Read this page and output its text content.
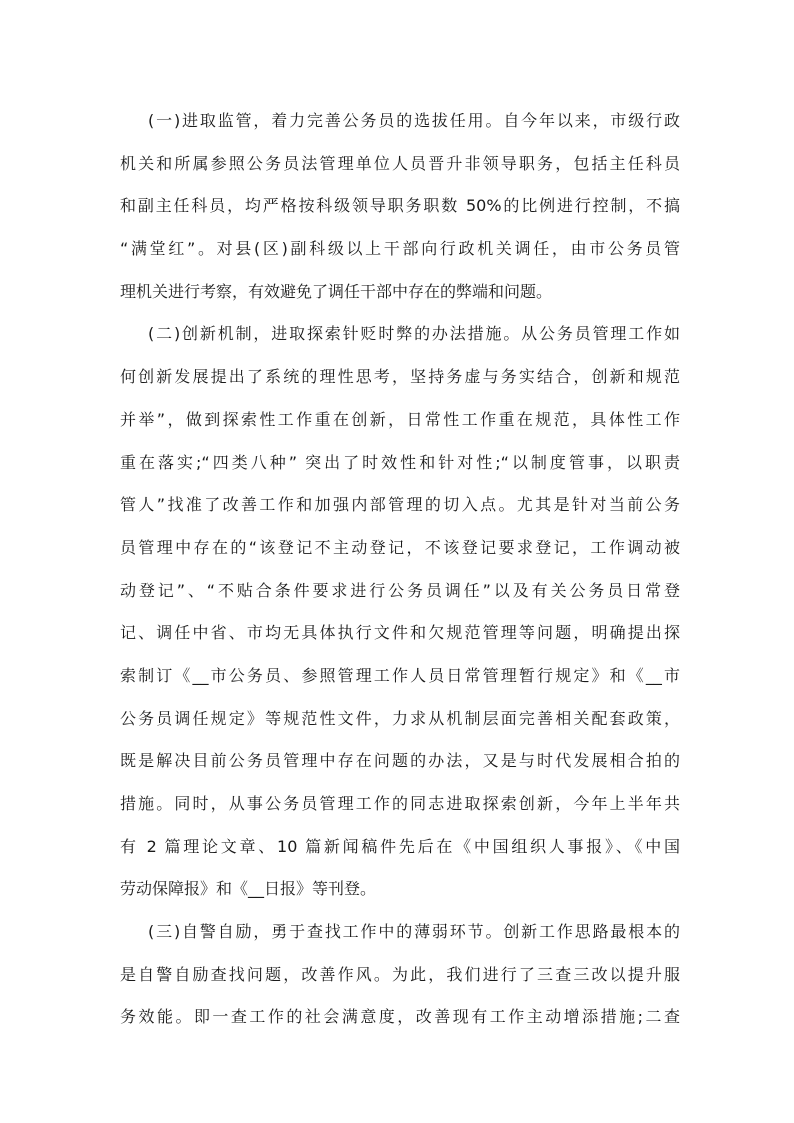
(一)进取监管，着力完善公务员的选拔任用。自今年以来，市级行政
机关和所属参照公务员法管理单位人员晋升非领导职务，包括主任科员
和副主任科员，均严格按科级领导职务职数 50%的比例进行控制，不搞
“满堂红”。对县(区)副科级以上干部向行政机关调任，由市公务员管
理机关进行考察，有效避免了调任干部中存在的弊端和问题。
(二)创新机制，进取探索针贬时弊的办法措施。从公务员管理工作如
何创新发展提出了系统的理性思考，坚持务虚与务实结合，创新和规范
并举”，做到探索性工作重在创新，日常性工作重在规范，具体性工作
重在落实;“四类八种” 突出了时效性和针对性;“以制度管事，以职责
管人”找准了改善工作和加强内部管理的切入点。尤其是针对当前公务
员管理中存在的“该登记不主动登记，不该登记要求登记，工作调动被
动登记”、“不贴合条件要求进行公务员调任”以及有关公务员日常登
记、调任中省、市均无具体执行文件和欠规范管理等问题，明确提出探
索制订《__市公务员、参照管理工作人员日常管理暂行规定》和《__市
公务员调任规定》等规范性文件，力求从机制层面完善相关配套政策，
既是解决目前公务员管理中存在问题的办法，又是与时代发展相合拍的
措施。同时，从事公务员管理工作的同志进取探索创新，今年上半年共
有 2 篇理论文章、10 篇新闻稿件先后在《中国组织人事报》、《中国
劳动保障报》和《__日报》等刊登。
(三)自警自励，勇于查找工作中的薄弱环节。创新工作思路最根本的
是自警自励查找问题，改善作风。为此，我们进行了三查三改以提升服
务效能。即一查工作的社会满意度，改善现有工作主动增添措施;二查
